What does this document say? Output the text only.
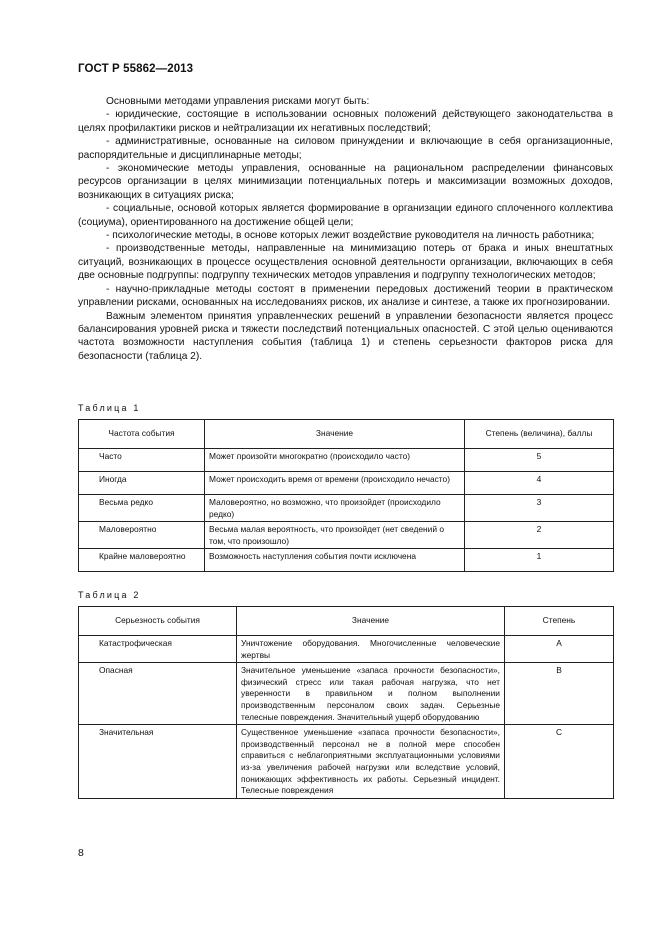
ГОСТ Р 55862—2013

Основными методами управления рисками могут быть:

- юридические, состоящие в использовании основных положений действующего законодательства в целях профилактики рисков и нейтрализации их негативных последствий;

- административные, основанные на силовом принуждении и включающие в себя организационные, распорядительные и дисциплинарные методы;

- экономические методы управления, основанные на рациональном распределении финансовых ресурсов организации в целях минимизации потенциальных потерь и максимизации возможных доходов, возникающих в ситуациях риска;

- социальные, основой которых является формирование в организации единого сплоченного коллектива (социума), ориентированного на достижение общей цели;

- психологические методы, в основе которых лежит воздействие руководителя на личность работника;

- производственные методы, направленные на минимизацию потерь от брака и иных внештатных ситуаций, возникающих в процессе осуществления основной деятельности организации, включающих в себя две основные подгруппы: подгруппу технических методов управления и подгруппу технологических методов;

- научно-прикладные методы состоят в применении передовых достижений теории в практическом управлении рисками, основанных на исследованиях рисков, их анализе и синтезе, а также их прогнозировании.

Важным элементом принятия управленческих решений в управлении безопасности является процесс балансирования уровней риска и тяжести последствий потенциальных опасностей. С этой целью оцениваются частота возможности наступления события (таблица 1) и степень серьезности факторов риска для безопасности (таблица 2).

Таблица 1
Частота события	Значение	Степень (величина), баллы
Часто	Может произойти многократно (происходило часто)	5
Иногда	Может происходить время от времени (происходило нечасто)	4
Весьма редко	Маловероятно, но возможно, что произойдет (происходило редко)	3
Маловероятно	Весьма малая вероятность, что произойдет (нет сведений о том, что произошло)	2
Крайне маловероятно	Возможность наступления события почти исключена	1
Таблица 2
Серьезность события	Значение	Степень
Катастрофическая	Уничтожение оборудования. Многочисленные человеческие жертвы	A
Опасная	Значительное уменьшение «запаса прочности безопасности», физический стресс или такая рабочая нагрузка, что нет уверенности в правильном и полном выполнении производственным персоналом своих задач. Серьезные телесные повреждения. Значительный ущерб оборудованию	B
Значительная	Существенное уменьшение «запаса прочности безопасности», производственный персонал не в полной мере способен справиться с неблагоприятными эксплуатационными условиями из-за увеличения рабочей нагрузки или вследствие условий, понижающих эффективность их работы. Серьезный инцидент. Телесные повреждения	C
8
